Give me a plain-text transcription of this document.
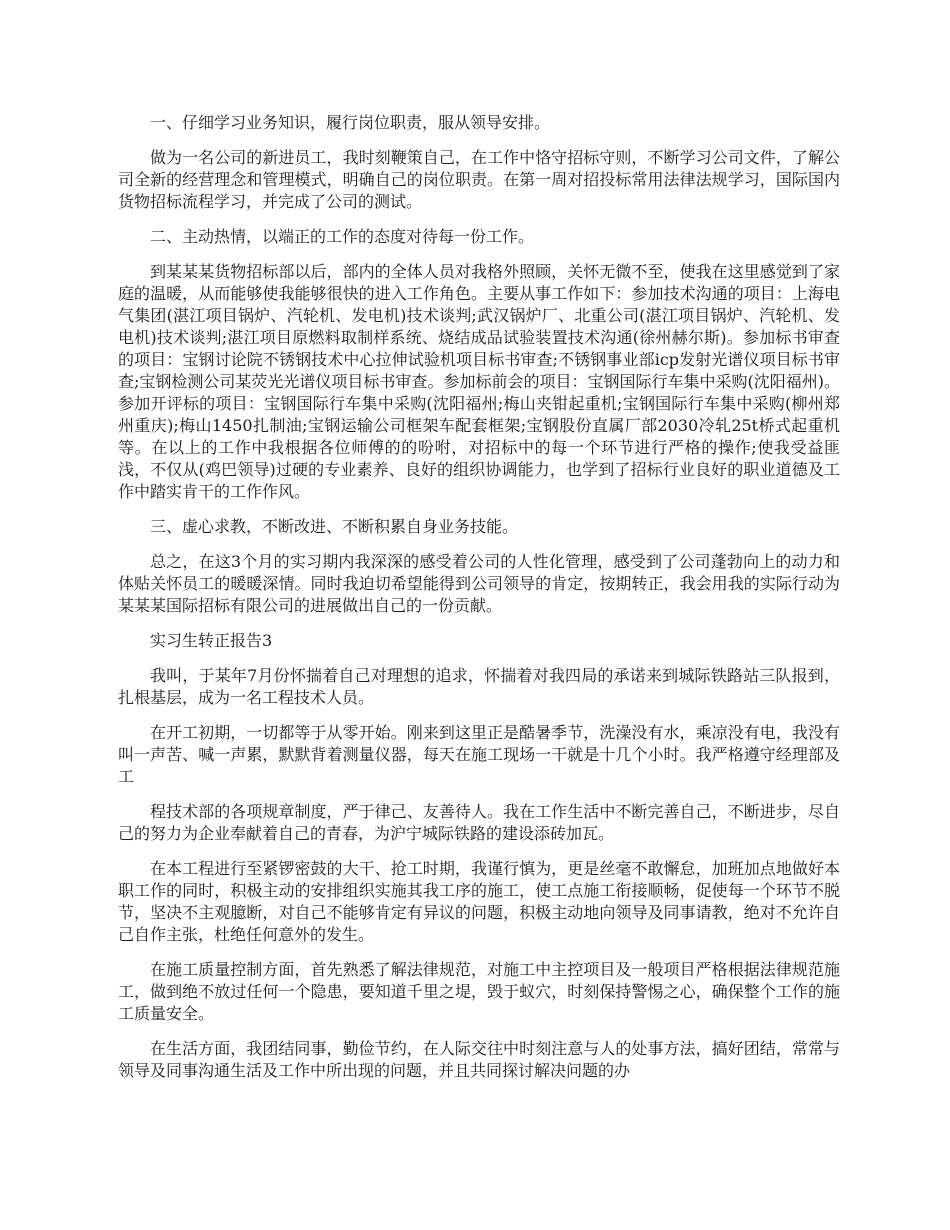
一、仔细学习业务知识，履行岗位职责，服从领导安排。

做为一名公司的新进员工，我时刻鞭策自己，在工作中恪守招标守则，不断学习公司文件，了解公司全新的经营理念和管理模式，明确自己的岗位职责。在第一周对招投标常用法律法规学习，国际国内货物招标流程学习，并完成了公司的测试。

二、主动热情，以端正的工作的态度对待每一份工作。

到某某某货物招标部以后，部内的全体人员对我格外照顾，关怀无微不至，使我在这里感觉到了家庭的温暖，从而能够使我能够很快的进入工作角色。主要从事工作如下：参加技术沟通的项目：上海电气集团(湛江项目锅炉、汽轮机、发电机)技术谈判;武汉锅炉厂、北重公司(湛江项目锅炉、汽轮机、发电机)技术谈判;湛江项目原燃料取制样系统、烧结成品试验装置技术沟通(徐州赫尔斯)。参加标书审查的项目：宝钢讨论院不锈钢技术中心拉伸试验机项目标书审查;不锈钢事业部icp发射光谱仪项目标书审查;宝钢检测公司某荧光光谱仪项目标书审查。参加标前会的项目：宝钢国际行车集中采购(沈阳福州)。参加开评标的项目：宝钢国际行车集中采购(沈阳福州;梅山夹钳起重机;宝钢国际行车集中采购(柳州郑州重庆);梅山1450扎制油;宝钢运输公司框架车配套框架;宝钢股份直属厂部2030冷轧25t桥式起重机等。在以上的工作中我根据各位师傅的的吩咐，对招标中的每一个环节进行严格的操作;使我受益匪浅，不仅从(鸡巴领导)过硬的专业素养、良好的组织协调能力，也学到了招标行业良好的职业道德及工作中踏实肯干的工作作风。

三、虚心求教，不断改进、不断积累自身业务技能。

总之，在这3个月的实习期内我深深的感受着公司的人性化管理，感受到了公司蓬勃向上的动力和体贴关怀员工的暖暖深情。同时我迫切希望能得到公司领导的肯定，按期转正，我会用我的实际行动为某某某国际招标有限公司的进展做出自己的一份贡献。

实习生转正报告3

我叫，于某年7月份怀揣着自己对理想的追求，怀揣着对我四局的承诺来到城际铁路站三队报到，扎根基层，成为一名工程技术人员。

在开工初期，一切都等于从零开始。刚来到这里正是酷暑季节，洗澡没有水，乘凉没有电，我没有叫一声苦、喊一声累，默默背着测量仪器，每天在施工现场一干就是十几个小时。我严格遵守经理部及工

程技术部的各项规章制度，严于律己、友善待人。我在工作生活中不断完善自己，不断进步，尽自己的努力为企业奉献着自己的青春，为沪宁城际铁路的建设添砖加瓦。

在本工程进行至紧锣密鼓的大干、抢工时期，我谨行慎为，更是丝毫不敢懈怠，加班加点地做好本职工作的同时，积极主动的安排组织实施其我工序的施工，使工点施工衔接顺畅，促使每一个环节不脱节，坚决不主观臆断，对自己不能够肯定有异议的问题，积极主动地向领导及同事请教，绝对不允许自己自作主张，杜绝任何意外的发生。

在施工质量控制方面，首先熟悉了解法律规范，对施工中主控项目及一般项目严格根据法律规范施工，做到绝不放过任何一个隐患，要知道千里之堤，毁于蚁穴，时刻保持警惕之心，确保整个工作的施工质量安全。

在生活方面，我团结同事，勤俭节约，在人际交往中时刻注意与人的处事方法，搞好团结，常常与领导及同事沟通生活及工作中所出现的问题，并且共同探讨解决问题的办
